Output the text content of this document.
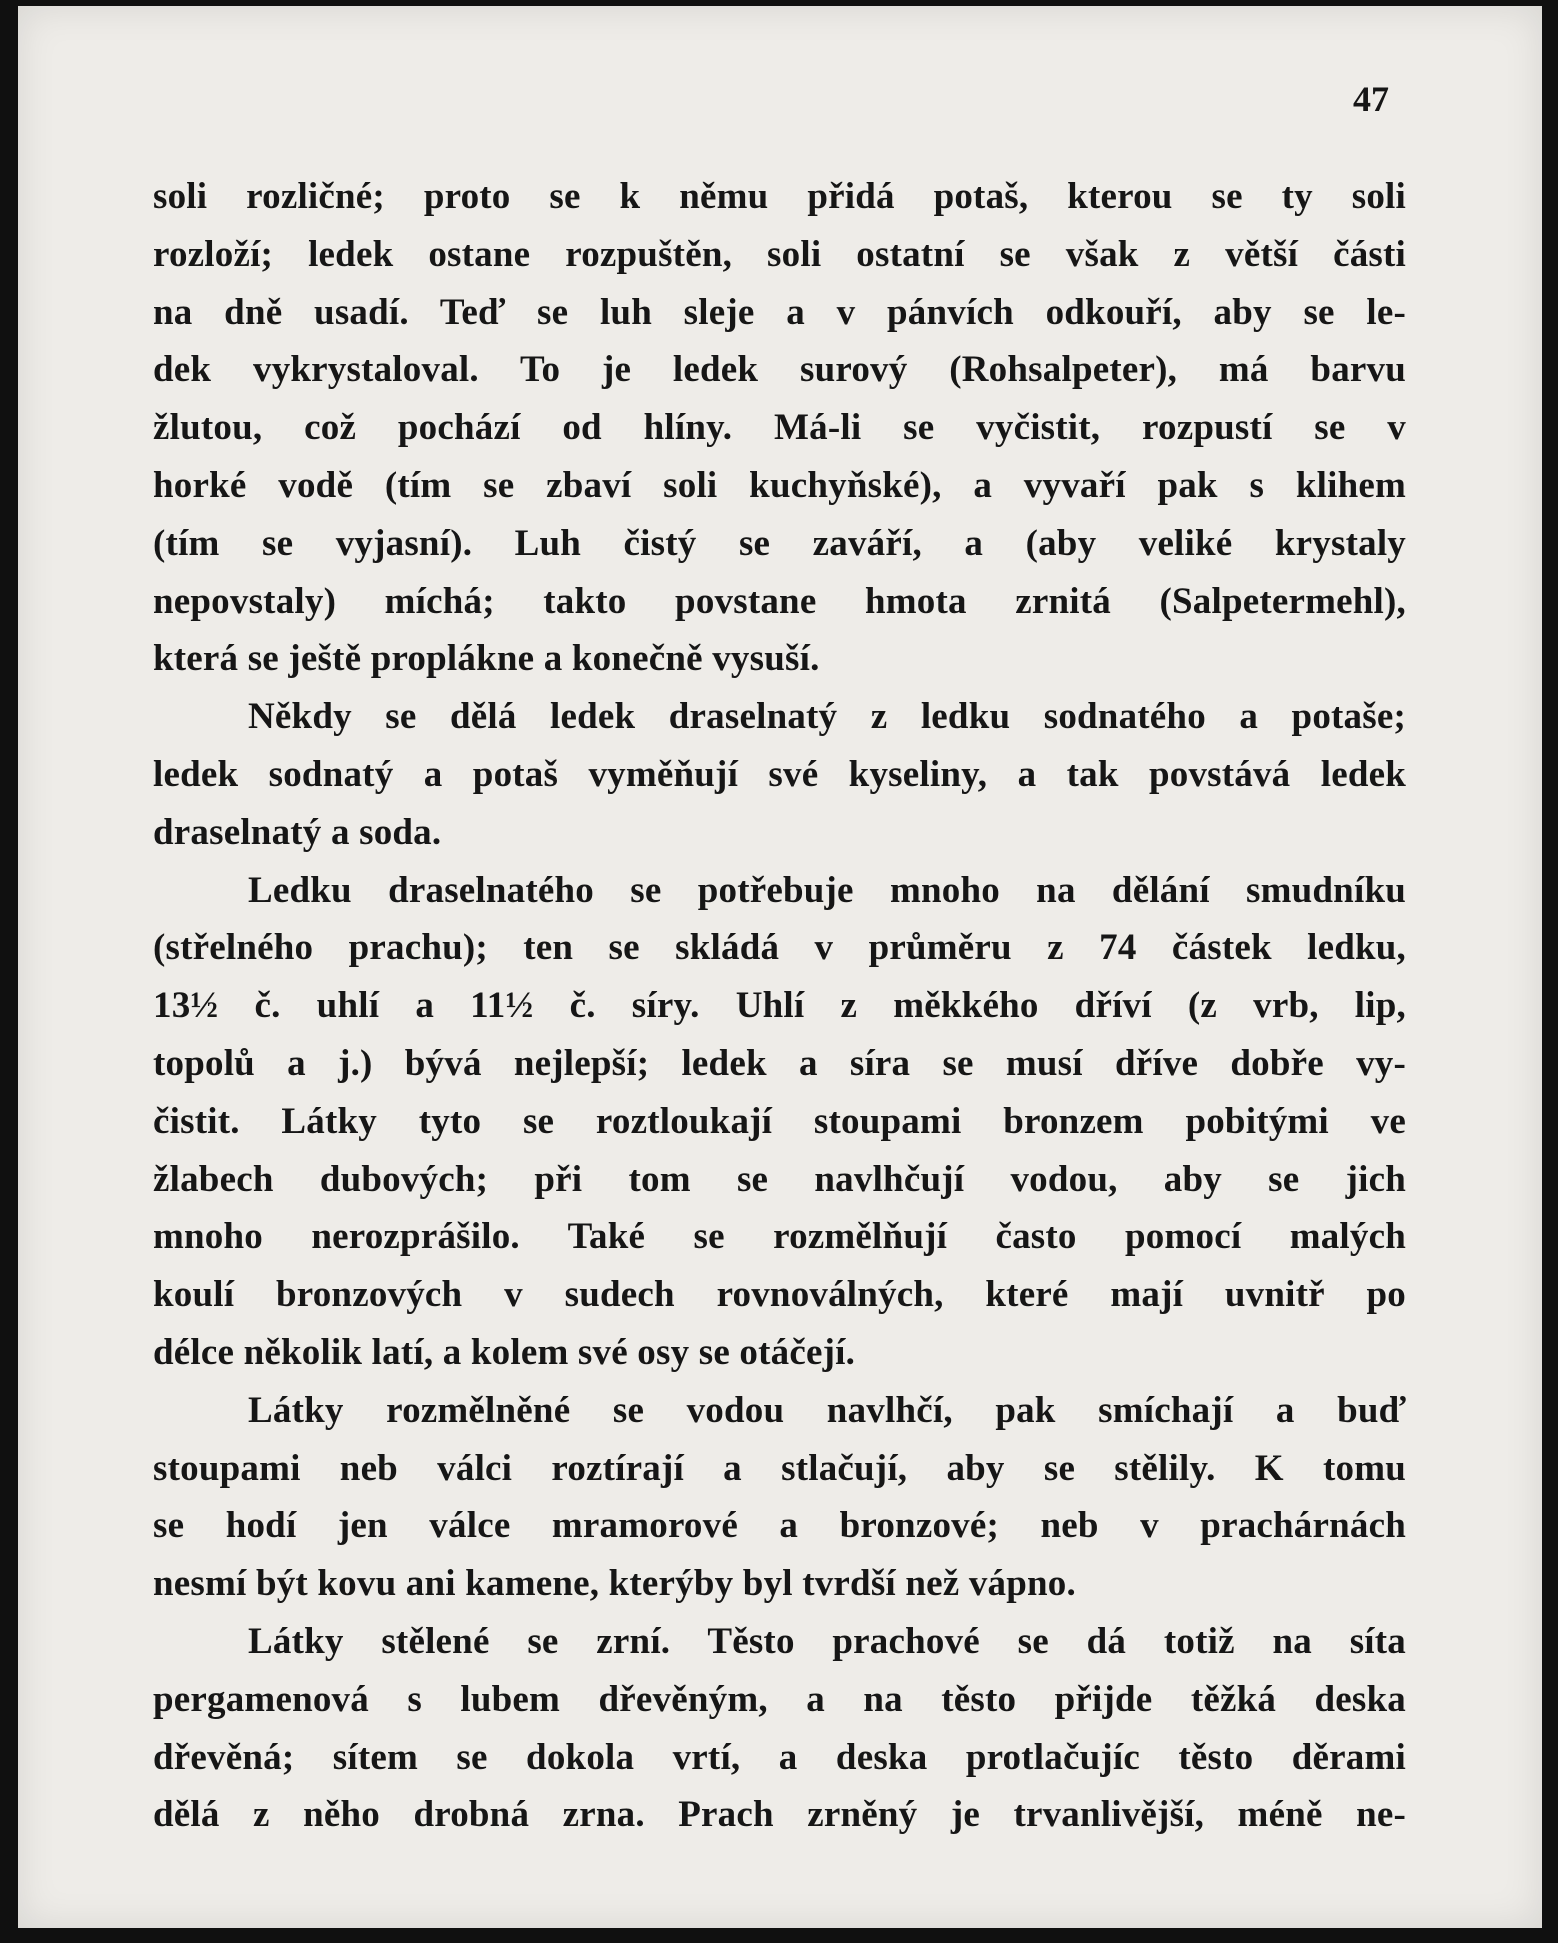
47
soli rozličné; proto se k němu přidá potaš, kterou se ty soli
rozloží; ledek ostane rozpuštěn, soli ostatní se však z větší části
na dně usadí. Teď se luh sleje a v pánvích odkouří, aby se le-
dek vykrystaloval. To je ledek surový (Rohsalpeter), má barvu
žlutou, což pochází od hlíny. Má-li se vyčistit, rozpustí se v
horké vodě (tím se zbaví soli kuchyňské), a vyvaří pak s klihem
(tím se vyjasní). Luh čistý se zaváří, a (aby veliké krystaly
nepovstaly) míchá; takto povstane hmota zrnitá (Salpetermehl),
která se ještě propláknе a konečně vysuší.
Někdy se dělá ledek draselnatý z ledku sodnatého a potaše;
ledek sodnatý a potaš vyměňují své kyseliny, a tak povstává ledek
draselnatý a soda.
Ledku draselnatého se potřebuje mnoho na dělání smudníku
(střelného prachu); ten se skládá v průměru z 74 částek ledku,
13½ č. uhlí a 11½ č. síry. Uhlí z měkkého dříví (z vrb, lip,
topolů a j.) bývá nejlepší; ledek a síra se musí dříve dobře vy-
čistit. Látky tyto se roztloukají stoupami bronzem pobitými ve
žlabech dubových; při tom se navlhčují vodou, aby se jich
mnoho nerozprášilo. Také se rozmělňují často pomocí malých
koulí bronzových v sudech rovnoválných, které mají uvnitř po
délce několik latí, a kolem své osy se otáčejí.
Látky rozmělněné se vodou navlhčí, pak smíchají a buď
stoupami neb válci roztírají a stlačují, aby se stělily. K tomu
se hodí jen válce mramorové a bronzové; neb v prachárnách
nesmí být kovu ani kamene, kterýby byl tvrdší než vápno.
Látky stělené se zrní. Těsto prachové se dá totiž na síta
pergamenová s lubem dřevěným, a na těsto přijde těžká deska
dřevěná; sítem se dokola vrtí, a deska protlačujíc těsto děrami
dělá z něho drobná zrna. Prach zrněný je trvanlivější, méně ne-
